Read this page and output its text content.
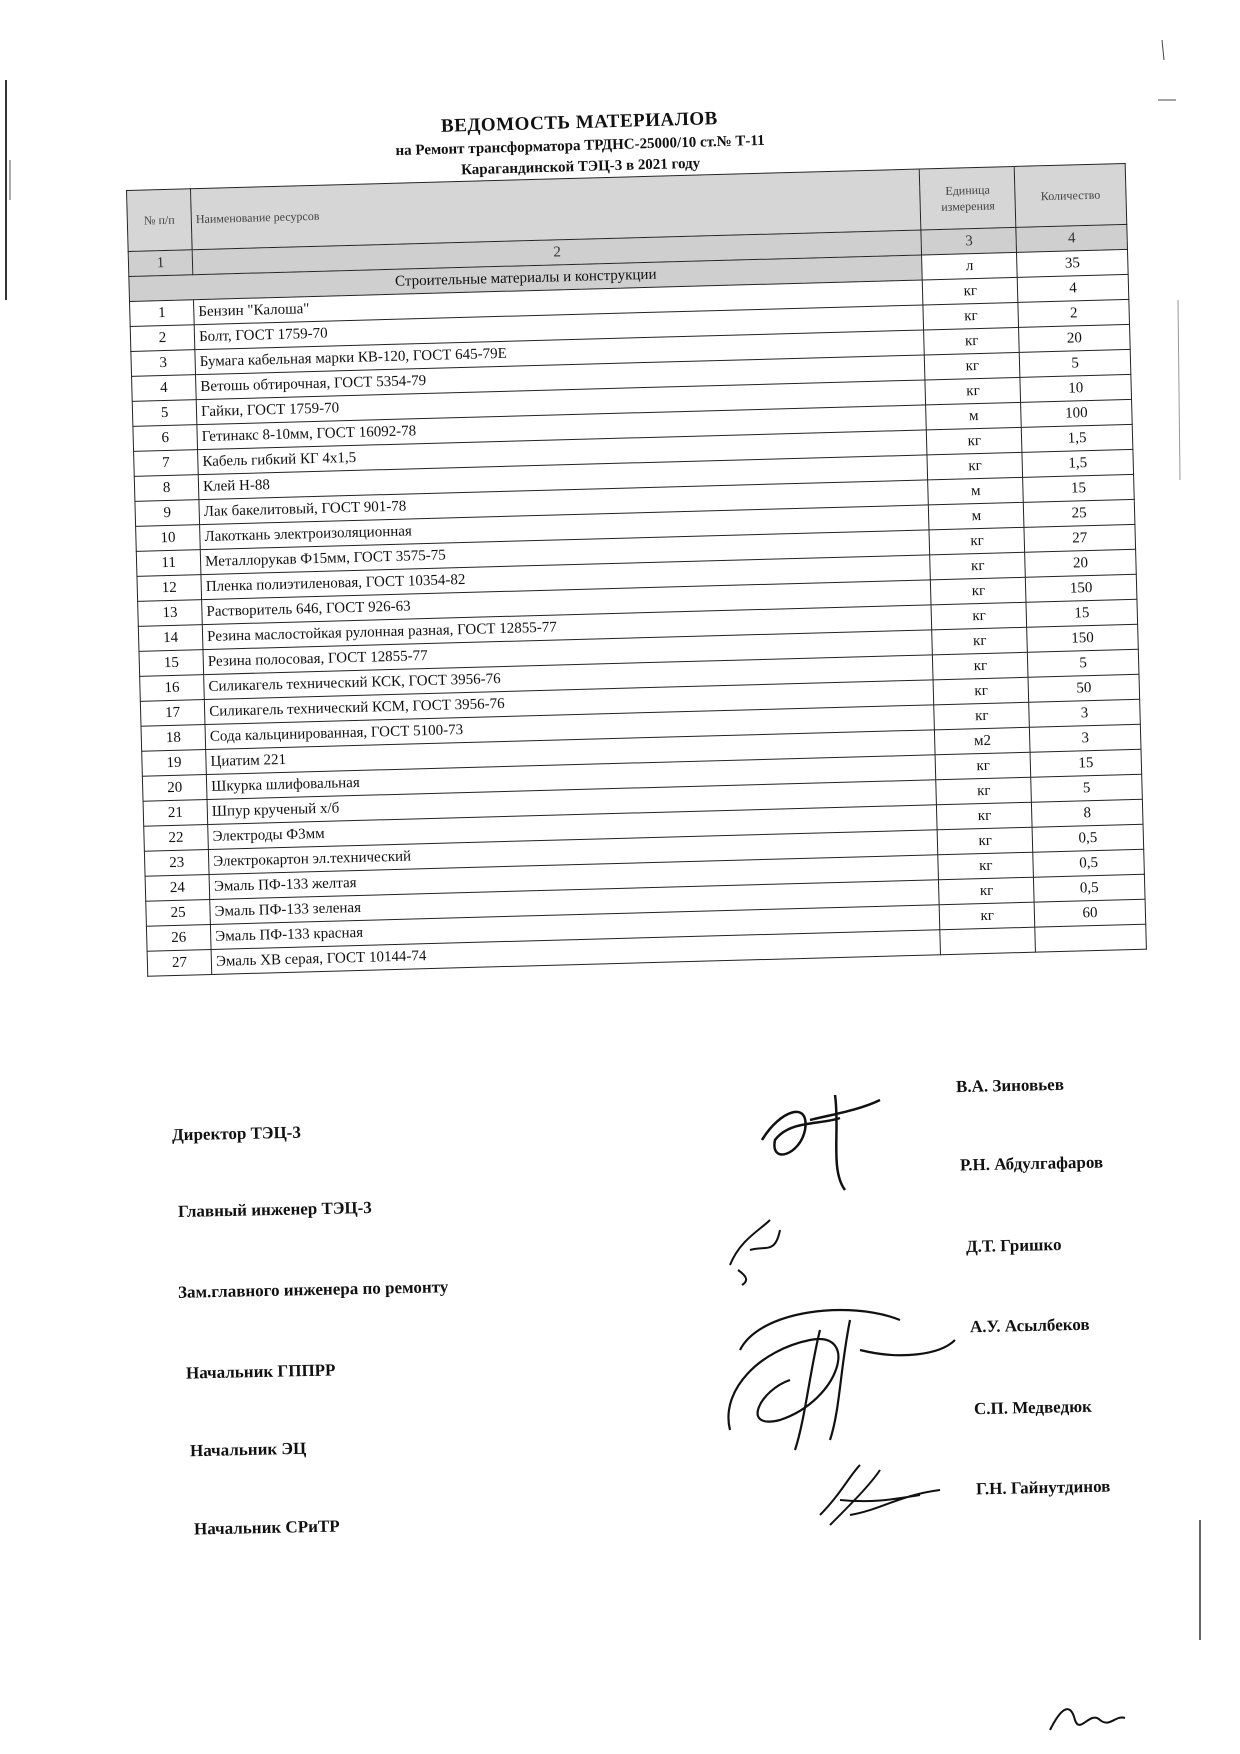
ВЕДОМОСТЬ МАТЕРИАЛОВ
на Ремонт трансформатора ТРДНС-25000/10 ст.№ Т-11
Карагандинской ТЭЦ-3 в 2021 году
№ п/п	Наименование ресурсов	Единица измерения	Количество
1	2	3	4
Строительные материалы и конструкции		л	35
1	Бензин "Калоша"	кг	4
2	Болт, ГОСТ 1759-70	кг	2
3	Бумага кабельная марки КВ-120, ГОСТ 645-79Е	кг	20
4	Ветошь обтирочная, ГОСТ 5354-79	кг	5
5	Гайки, ГОСТ 1759-70	кг	10
6	Гетинакс 8-10мм, ГОСТ 16092-78	м	100
7	Кабель гибкий КГ 4х1,5	кг	1,5
8	Клей Н-88	кг	1,5
9	Лак бакелитовый, ГОСТ 901-78	м	15
10	Лакоткань электроизоляционная	м	25
11	Металлорукав Ф15мм, ГОСТ 3575-75	кг	27
12	Пленка полиэтиленовая, ГОСТ 10354-82	кг	20
13	Растворитель 646, ГОСТ 926-63	кг	150
14	Резина маслостойкая рулонная разная, ГОСТ 12855-77	кг	15
15	Резина полосовая, ГОСТ 12855-77	кг	150
16	Силикагель технический КСК, ГОСТ 3956-76	кг	5
17	Силикагель технический КСМ, ГОСТ 3956-76	кг	50
18	Сода кальцинированная, ГОСТ 5100-73	кг	3
19	Циатим 221	м2	3
20	Шкурка шлифовальная	кг	15
21	Шпур крученый х/б	кг	5
22	Электроды Ф3мм	кг	8
23	Электрокартон эл.технический	кг	0,5
24	Эмаль ПФ-133 желтая	кг	0,5
25	Эмаль ПФ-133 зеленая	кг	0,5
26	Эмаль ПФ-133 красная	кг	60
27	Эмаль ХВ серая, ГОСТ 10144-74		
Директор ТЭЦ-3
Главный инженер ТЭЦ-3
Зам.главного инженера по ремонту
Начальник ГППРР
Начальник ЭЦ
Начальник СРиТР
В.А. Зиновьев
Р.Н. Абдулгафаров
Д.Т. Гришко
А.У. Асылбеков
С.П. Медведюк
Г.Н. Гайнутдинов
